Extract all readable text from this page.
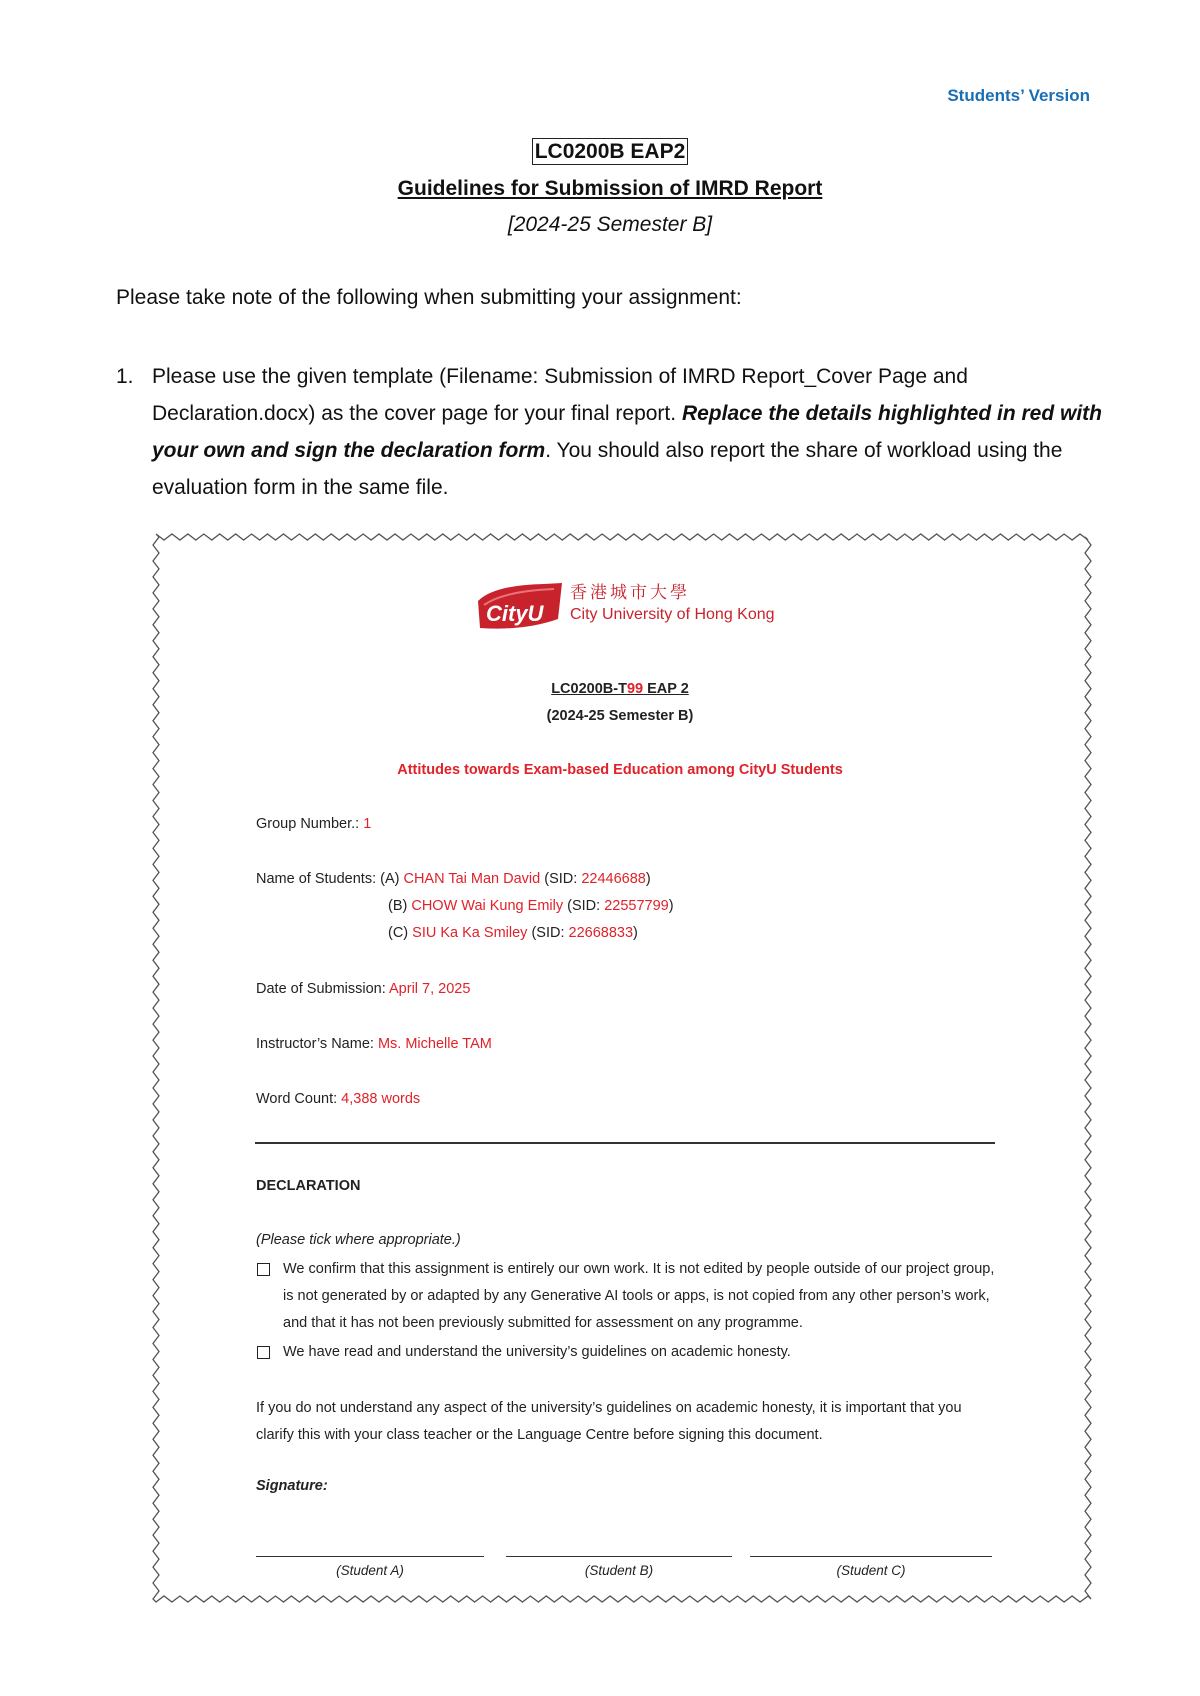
Students’ Version
LC0200B EAP2
Guidelines for Submission of IMRD Report
[2024-25 Semester B]
Please take note of the following when submitting your assignment:
1. Please use the given template (Filename: Submission of IMRD Report_Cover Page and Declaration.docx) as the cover page for your final report. Replace the details highlighted in red with your own and sign the declaration form. You should also report the share of workload using the evaluation form in the same file.
CityU
香港城市大學
City University of Hong Kong
LC0200B-T99 EAP 2
(2024-25 Semester B)
Attitudes towards Exam-based Education among CityU Students
Group Number.: 1
Name of Students: (A) CHAN Tai Man David (SID: 22446688)
(B) CHOW Wai Kung Emily (SID: 22557799)
(C) SIU Ka Ka Smiley (SID: 22668833)
Date of Submission: April 7, 2025
Instructor’s Name: Ms. Michelle TAM
Word Count: 4,388 words
DECLARATION
(Please tick where appropriate.)
We confirm that this assignment is entirely our own work. It is not edited by people outside of our project group, is not generated by or adapted by any Generative AI tools or apps, is not copied from any other person’s work, and that it has not been previously submitted for assessment on any programme.
We have read and understand the university’s guidelines on academic honesty.
If you do not understand any aspect of the university’s guidelines on academic honesty, it is important that you clarify this with your class teacher or the Language Centre before signing this document.
Signature:
(Student A)	(Student B)	(Student C)
